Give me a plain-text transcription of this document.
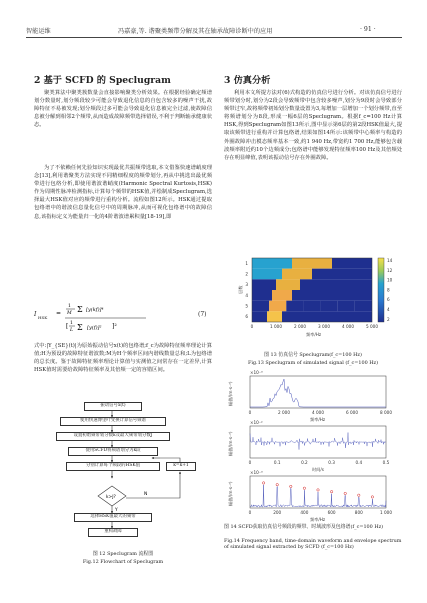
智能运维	冯嘉豪,等. 谐聚类频带分解及其在轴承故障诊断中的应用	· 91 ·
2 基于 SCFD 的 Speclugram
聚类算法中聚类簇数量会直接影响聚类分析效果。在根据经验确定频谱划分数量时,划分频段较少可能会导致退化信息的自包含较多的噪声干扰,故障特征不易被发现;划分频段过多可能会导致退化信息被完全过滤,使故障信息被分解到相邻2个频带,从而造成故障频带选择错误,不利于判断轴承健康状态。
为了不依赖任何先验知识实现最优共振频带选取,本文借鉴快速谱峭度理念[13],利用谐聚类方法实现不同精细程度的频带划分,再从中挑选出最优频带进行包络分析,即使用谐波谐峭度(Harmonic Spectral Kurtosis,HSK)作为周期性脉冲检测指标,计算每个频带的HSK值,并绘制成Speclugram,选择最大HSK值对应的频带进行重构分析。流程如图12所示。HSK通过提取包络谱中的谐波信息量化信号中的周期脉冲,从而可视化包络谱中的故障信息,该指标定义为能量归一化的4阶谐波谱累积量[18-19],即
I HSK
=
1
M Σ [y(kf)]⁴
[ 1
L Σ [y(f)]² ]²
(7)
式中:|Y_{SE}(t)|为原始振动信号x(t)的包络谱;f_c为故障特征频率理论计算值;H为预设的故障特征谐波数;M为H个频率区间内谐线数量总和;L为包络谱的总长度。鉴于故障特征频率理论计算值与实测值之间常存在一定差异,计算HSK值时需要给故障特征频率及其倍频一定的容错区间。
N
Y
k>J?
振动信号x(t)
使用快速傅里叶变换计算信号频谱
设置初始频带划分数k及最大频带划分数J
使用SCFD将频谱划分为k段
分别计算每个频段的HSK值	k=k+1
选择HSK值最大的频带
重构故障
图 12 Speclugram 流程图
Fig.12 Flowchart of Speclugram
3 仿真分析
利用本文所提方法对(6)式构造的仿真信号进行分析。对该仿真信号进行频带划分时,划分为2段会导致频带中包含较多噪声,划分为9段时会导致部分频带过窄,故将频带初始划分数量设置为3,每增加一层增加一个划分频带,直至将频谱划分为8段,形成一幅6层的Speclugram。根据f_c=100 Hz计算HSK,得到Speclugram如图13所示,图中显示第6层的第2段HSK值最大,提取该频带进行重构并计算包络谱,结果如图14所示:该频带中心频率与构造的外圈故障冲击模态频率基本一致,约1 940 Hz,带宽约1 700 Hz,能够包含载波频率附近约10个边频成分;包络谱中能够发现特征频率100 Hz及其倍频处存在明显峰值,表明该振动信号存在外圈故障。
1
2
3
4
5
6
0	1 000	2 000	3 000	4 000	5 000
层数
频率/Hz
14
12
10
8
6
4
2
图 13 仿真信号 Speclugram(f_c=100 Hz)
Fig.13 Speclugram of simulated signal (f_c=100 Hz)
×10⁻³
幅值/(m·s⁻²)
频率/Hz
0	2 000	4 000	6 000	8 000
×10⁻²
幅值/(m·s⁻²)
时间/s
0	0.1	0.2	0.3	0.4	0.5
×10⁻³
幅值/(m·s⁻²)
频率/Hz
0	200	400	600	800	1 000
图 14 SCFD获取仿真信号频段的频带、时域波形及包络谱(f_c=100 Hz)
Fig.14 Frequency band, time-domain waveform and envelope spectrum of simulated signal extracted by SCFD (f_c=100 Hz)
